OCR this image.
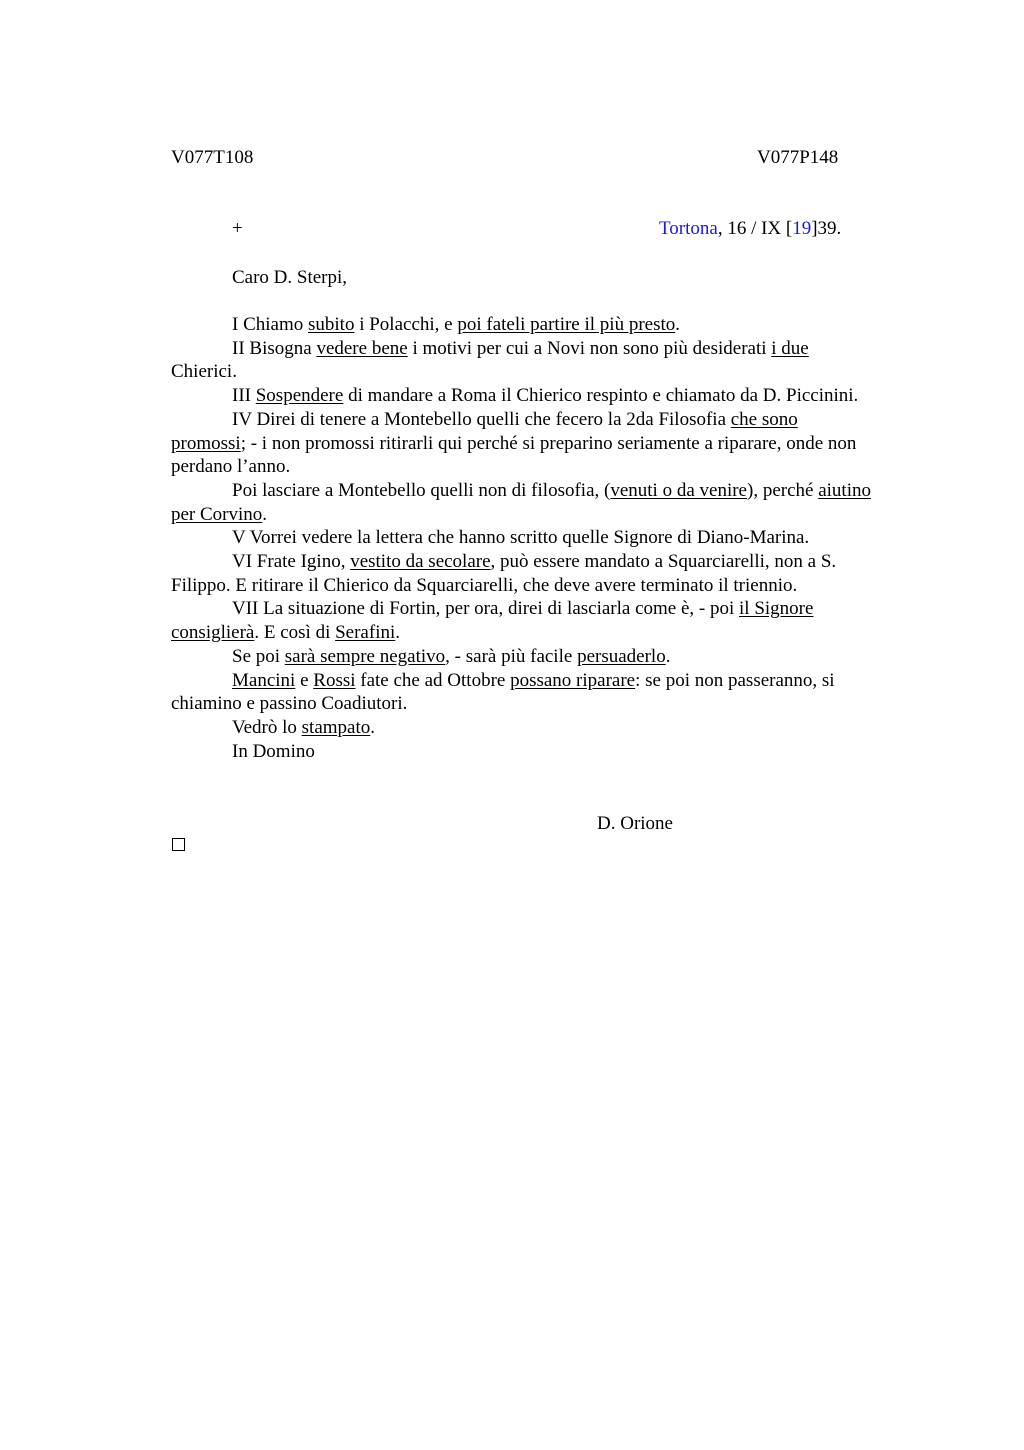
V077T108	V077P148
+	Tortona, 16 / IX [19]39.
Caro D. Sterpi,

I Chiamo subito i Polacchi, e poi fateli partire il più presto.

II Bisogna vedere bene i motivi per cui a Novi non sono più desiderati i due

Chierici.

III Sospendere di mandare a Roma il Chierico respinto e chiamato da D. Piccinini.

IV Direi di tenere a Montebello quelli che fecero la 2da Filosofia che sono

promossi; - i non promossi ritirarli qui perché si preparino seriamente a riparare, onde non

perdano l’anno.

Poi lasciare a Montebello quelli non di filosofia, (venuti o da venire), perché aiutino

per Corvino.

V Vorrei vedere la lettera che hanno scritto quelle Signore di Diano-Marina.

VI Frate Igino, vestito da secolare, può essere mandato a Squarciarelli, non a S.

Filippo. E ritirare il Chierico da Squarciarelli, che deve avere terminato il triennio.

VII La situazione di Fortin, per ora, direi di lasciarla come è, - poi il Signore

consiglierà. E così di Serafini.

Se poi sarà sempre negativo, - sarà più facile persuaderlo.

Mancini e Rossi fate che ad Ottobre possano riparare: se poi non passeranno, si

chiamino e passino Coadiutori.

Vedrò lo stampato.

In Domino

D. Orione
